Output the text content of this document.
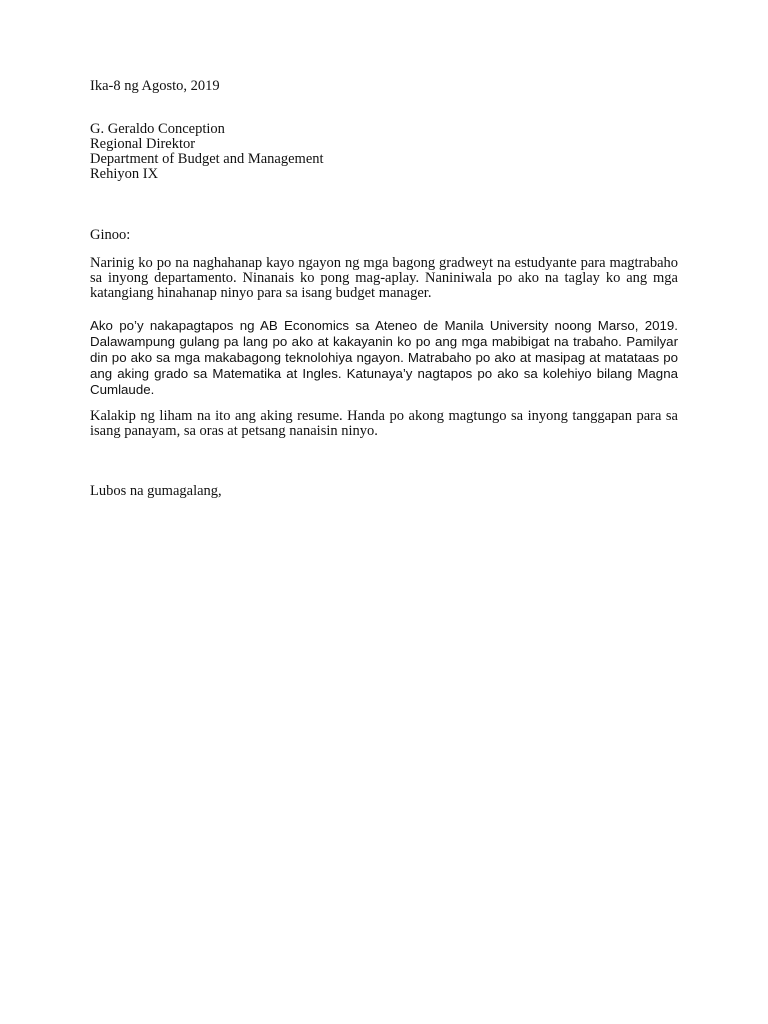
Ika-8 ng Agosto, 2019
G. Geraldo Conception
Regional Direktor
Department of Budget and Management
Rehiyon IX
Ginoo:

Narinig ko po na naghahanap kayo ngayon ng mga bagong gradweyt na estudyante para magtrabaho sa inyong departamento. Ninanais ko pong mag-aplay. Naniniwala po ako na taglay ko ang mga katangiang hinahanap ninyo para sa isang budget manager.

Ako po’y nakapagtapos ng AB Economics sa Ateneo de Manila University noong Marso, 2019. Dalawampung gulang pa lang po ako at kakayanin ko po ang mga mabibigat na trabaho. Pamilyar din po ako sa mga makabagong teknolohiya ngayon. Matrabaho po ako at masipag at matataas po ang aking grado sa Matematika at Ingles. Katunaya’y nagtapos po ako sa kolehiyo bilang Magna Cumlaude.

Kalakip ng liham na ito ang aking resume. Handa po akong magtungo sa inyong tanggapan para sa isang panayam, sa oras at petsang nanaisin ninyo.

Lubos na gumagalang,
